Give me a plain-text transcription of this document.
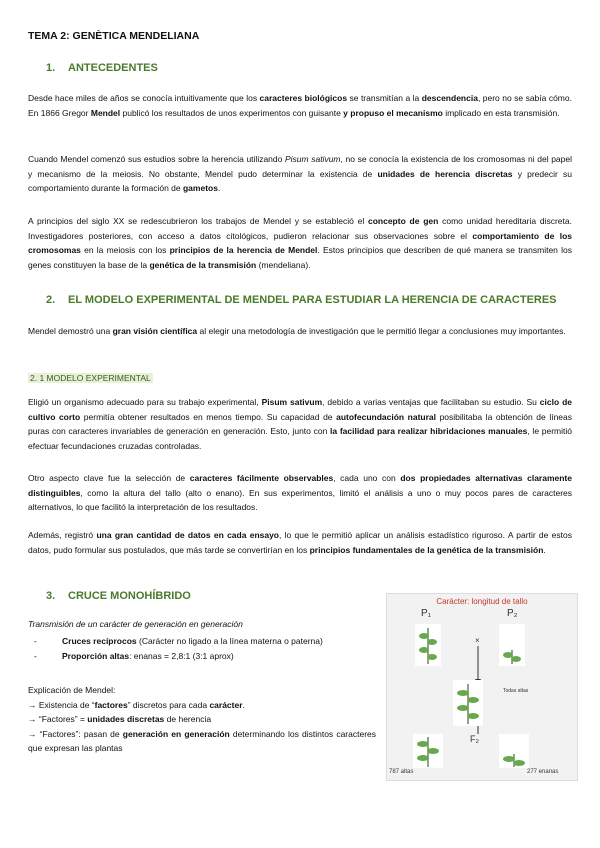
TEMA 2: GENÈTICA MENDELIANA
1. ANTECEDENTES

Desde hace miles de años se conocía intuitivamente que los caracteres biológicos se transmitían a la descendencia, pero no se sabía cómo. En 1866 Gregor Mendel publicó los resultados de unos experimentos con guisante y propuso el mecanismo implicado en esta transmisión.

Cuando Mendel comenzó sus estudios sobre la herencia utilizando Pisum sativum, no se conocía la existencia de los cromosomas ni del papel y mecanismo de la meiosis. No obstante, Mendel pudo determinar la existencia de unidades de herencia discretas y predecir su comportamiento durante la formación de gametos.

A principios del siglo XX se redescubrieron los trabajos de Mendel y se estableció el concepto de gen como unidad hereditaria discreta. Investigadores posteriores, con acceso a datos citológicos, pudieron relacionar sus observaciones sobre el comportamiento de los cromosomas en la meiosis con los principios de la herencia de Mendel. Estos principios que describen de qué manera se transmiten los genes constituyen la base de la genética de la transmisión (mendeliana).

2. EL MODELO EXPERIMENTAL DE MENDEL PARA ESTUDIAR LA HERENCIA DE CARACTERES

Mendel demostró una gran visión científica al elegir una metodología de investigación que le permitió llegar a conclusiones muy importantes.

2. 1 MODELO EXPERIMENTAL

Eligió un organismo adecuado para su trabajo experimental, Pisum sativum, debido a varias ventajas que facilitaban su estudio. Su ciclo de cultivo corto permitía obtener resultados en menos tiempo. Su capacidad de autofecundación natural posibilitaba la obtención de líneas puras con caracteres invariables de generación en generación. Esto, junto con la facilidad para realizar hibridaciones manuales, le permitió efectuar fecundaciones cruzadas controladas.

Otro aspecto clave fue la selección de caracteres fácilmente observables, cada uno con dos propiedades alternativas claramente distinguibles, como la altura del tallo (alto o enano). En sus experimentos, limitó el análisis a uno o muy pocos pares de caracteres alternativos, lo que facilitó la interpretación de los resultados.

Además, registró una gran cantidad de datos en cada ensayo, lo que le permitió aplicar un análisis estadístico riguroso. A partir de estos datos, pudo formular sus postulados, que más tarde se convertirían en los principios fundamentales de la genética de la transmisión.

3. CRUCE MONOHÍBRIDO
Transmisión de un carácter de generación en generación
- Cruces recíprocos (Carácter no ligado a la línea materna o paterna)
- Proporción altas: enanas = 2,8:1 (3:1 aprox)
Explicación de Mendel:
→ Existencia de “factores” discretos para cada carácter.
→ “Factores” = unidades discretas de herencia
→ “Factores”: pasan de generación en generación determinando los distintos caracteres que expresan las plantas
Carácter: longitud de tallo
P₁	P₂
×
F₂
Todas altas
787 altas	277 enanas
